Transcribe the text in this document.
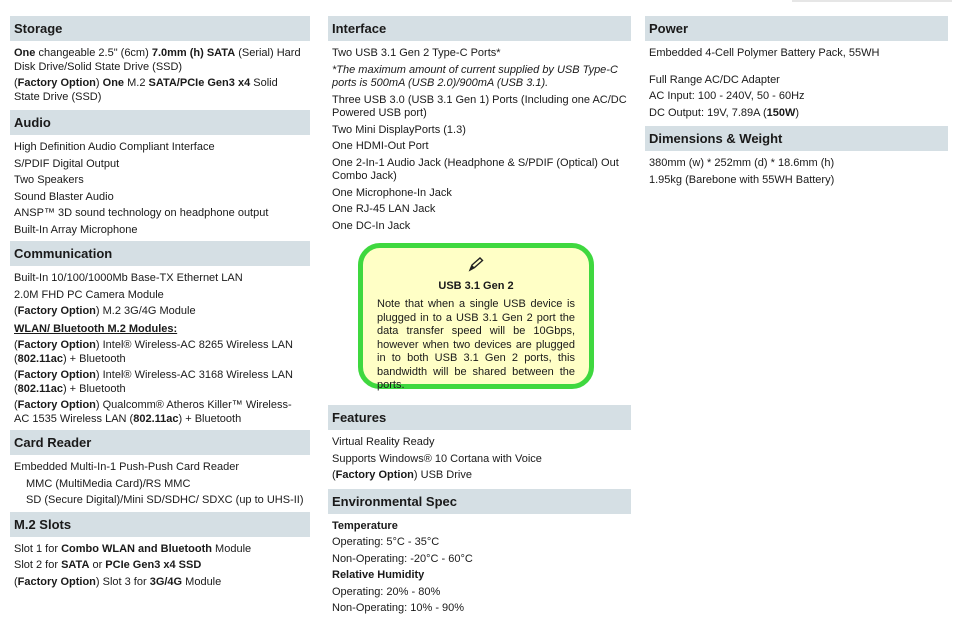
Storage

One changeable 2.5" (6cm) 7.0mm (h) SATA (Serial) Hard Disk Drive/Solid State Drive (SSD)

(Factory Option) One M.2 SATA/PCIe Gen3 x4 Solid State Drive (SSD)

Audio

High Definition Audio Compliant Interface

S/PDIF Digital Output

Two Speakers

Sound Blaster Audio

ANSP™ 3D sound technology on headphone output

Built-In Array Microphone

Communication

Built-In 10/100/1000Mb Base-TX Ethernet LAN

2.0M FHD PC Camera Module

(Factory Option) M.2 3G/4G Module

WLAN/ Bluetooth M.2 Modules:

(Factory Option) Intel® Wireless-AC 8265 Wireless LAN (802.11ac) + Bluetooth

(Factory Option) Intel® Wireless-AC 3168 Wireless LAN (802.11ac) + Bluetooth

(Factory Option) Qualcomm® Atheros Killer™ Wireless-AC 1535 Wireless LAN (802.11ac) + Bluetooth

Card Reader

Embedded Multi-In-1 Push-Push Card Reader

MMC (MultiMedia Card)/RS MMC

SD (Secure Digital)/Mini SD/SDHC/ SDXC (up to UHS-II)

M.2 Slots

Slot 1 for Combo WLAN and Bluetooth Module

Slot 2 for SATA or PCIe Gen3 x4 SSD

(Factory Option) Slot 3 for 3G/4G Module

Interface

Two USB 3.1 Gen 2 Type-C Ports*

*The maximum amount of current supplied by USB Type-C ports is 500mA (USB 2.0)/900mA (USB 3.1).

Three USB 3.0 (USB 3.1 Gen 1) Ports (Including one AC/DC Powered USB port)

Two Mini DisplayPorts (1.3)

One HDMI-Out Port

One 2-In-1 Audio Jack (Headphone & S/PDIF (Optical) Out Combo Jack)

One Microphone-In Jack

One RJ-45 LAN Jack

One DC-In Jack

USB 3.1 Gen 2

Note that when a single USB device is plugged in to a USB 3.1 Gen 2 port the data transfer speed will be 10Gbps, however when two devices are plugged in to both USB 3.1 Gen 2 ports, this bandwidth will be shared between the ports.

Features

Virtual Reality Ready

Supports Windows® 10 Cortana with Voice

(Factory Option) USB Drive

Environmental Spec

Temperature

Operating: 5°C - 35°C

Non-Operating: -20°C - 60°C

Relative Humidity

Operating: 20% - 80%

Non-Operating: 10% - 90%

Power

Embedded 4-Cell Polymer Battery Pack, 55WH

Full Range AC/DC Adapter

AC Input: 100 - 240V, 50 - 60Hz

DC Output: 19V, 7.89A (150W)

Dimensions & Weight

380mm (w) * 252mm (d) * 18.6mm (h)

1.95kg (Barebone with 55WH Battery)
